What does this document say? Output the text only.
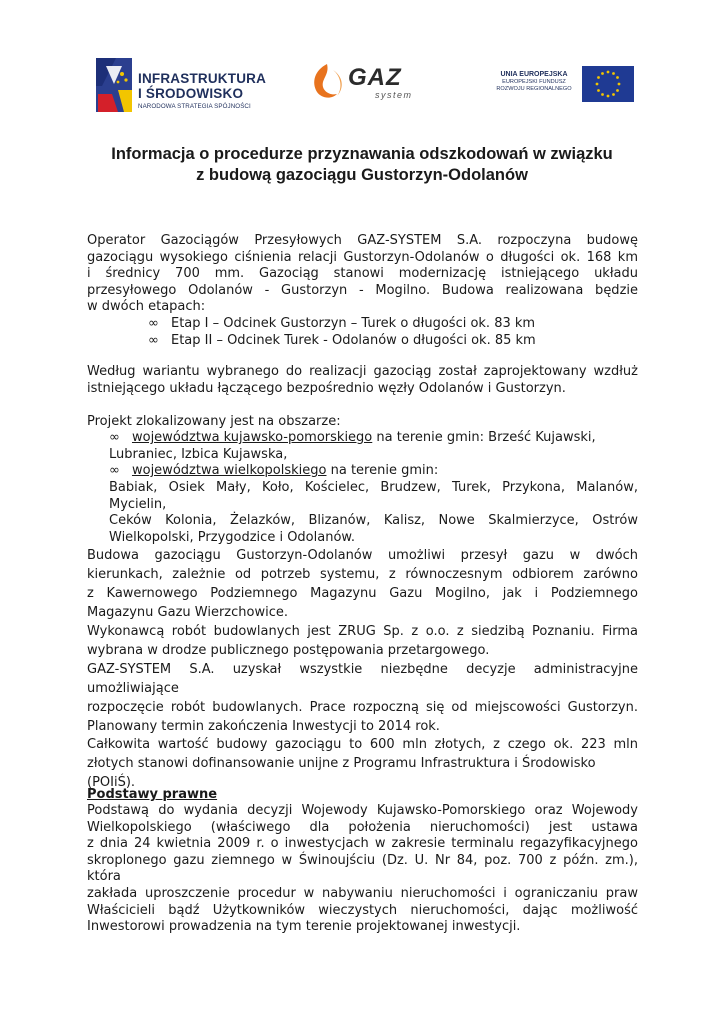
INFRASTRUKTURA
I ŚRODOWISKO
NARODOWA STRATEGIA SPÓJNOŚCI
GAZ
system
UNIA EUROPEJSKA
EUROPEJSKI FUNDUSZ
ROZWOJU REGIONALNEGO
Informacja o procedurze przyznawania odszkodowań w związku
z budową gazociągu Gustorzyn-Odolanów
Operator Gazociągów Przesyłowych GAZ-SYSTEM S.A. rozpoczyna budowę
gazociągu wysokiego ciśnienia relacji Gustorzyn-Odolanów o długości ok. 168 km
i średnicy 700 mm. Gazociąg stanowi modernizację istniejącego układu
przesyłowego Odolanów - Gustorzyn - Mogilno. Budowa realizowana będzie
w dwóch etapach:
∞ Etap I – Odcinek Gustorzyn – Turek o długości ok. 83 km
∞ Etap II – Odcinek Turek - Odolanów o długości ok. 85 km
Według wariantu wybranego do realizacji gazociąg został zaprojektowany wzdłuż
istniejącego układu łączącego bezpośrednio węzły Odolanów i Gustorzyn.
Projekt zlokalizowany jest na obszarze:
∞ województwa kujawsko-pomorskiego na terenie gmin: Brześć Kujawski,
Lubraniec, Izbica Kujawska,
∞ województwa wielkopolskiego na terenie gmin:
Babiak, Osiek Mały, Koło, Kościelec, Brudzew, Turek, Przykona, Malanów, Mycielin,
Ceków Kolonia, Żelazków, Blizanów, Kalisz, Nowe Skalmierzyce, Ostrów
Wielkopolski, Przygodzice i Odolanów.
Budowa gazociągu Gustorzyn-Odolanów umożliwi przesył gazu w dwóch
kierunkach, zależnie od potrzeb systemu, z równoczesnym odbiorem zarówno
z Kawernowego Podziemnego Magazynu Gazu Mogilno, jak i Podziemnego
Magazynu Gazu Wierzchowice.
Wykonawcą robót budowlanych jest ZRUG Sp. z o.o. z siedzibą Poznaniu. Firma
wybrana w drodze publicznego postępowania przetargowego.
GAZ-SYSTEM S.A. uzyskał wszystkie niezbędne decyzje administracyjne umożliwiające
rozpoczęcie robót budowlanych. Prace rozpoczną się od miejscowości Gustorzyn.
Planowany termin zakończenia Inwestycji to 2014 rok.
Całkowita wartość budowy gazociągu to 600 mln złotych, z czego ok. 223 mln
złotych stanowi dofinansowanie unijne z Programu Infrastruktura i Środowisko (POIiŚ).
Podstawy prawne
Podstawą do wydania decyzji Wojewody Kujawsko-Pomorskiego oraz Wojewody
Wielkopolskiego (właściwego dla położenia nieruchomości) jest ustawa
z dnia 24 kwietnia 2009 r. o inwestycjach w zakresie terminalu regazyfikacyjnego
skroplonego gazu ziemnego w Świnoujściu (Dz. U. Nr 84, poz. 700 z późn. zm.), która
zakłada uproszczenie procedur w nabywaniu nieruchomości i ograniczaniu praw
Właścicieli bądź Użytkowników wieczystych nieruchomości, dając możliwość
Inwestorowi prowadzenia na tym terenie projektowanej inwestycji.
